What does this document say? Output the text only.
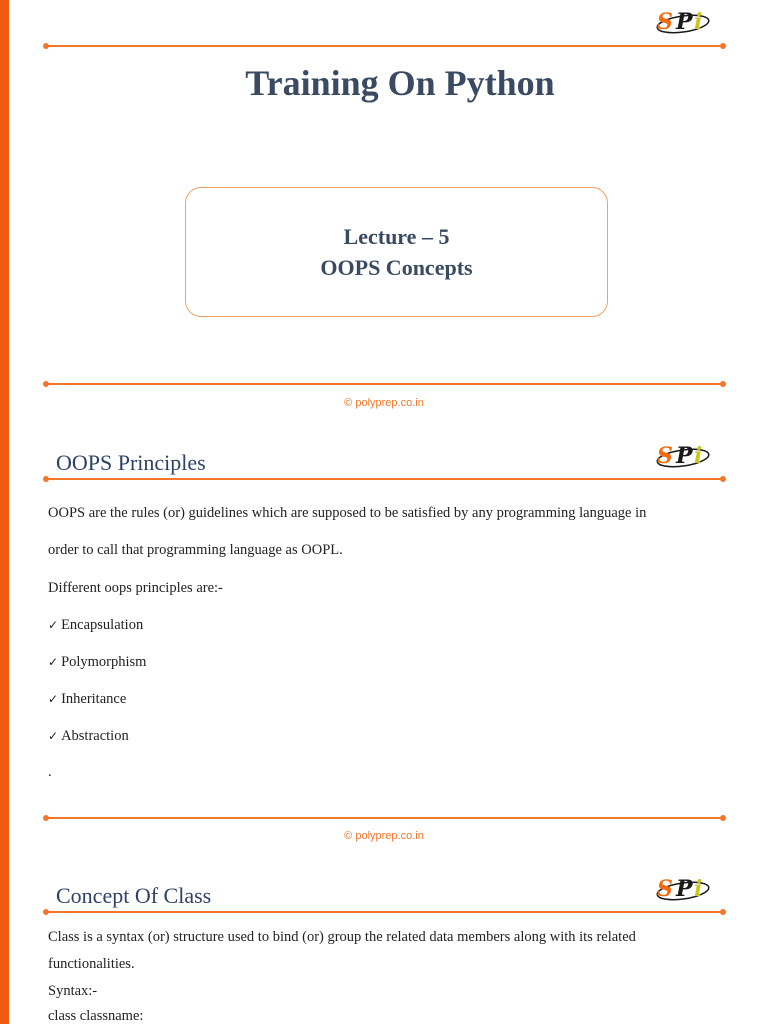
S P i
Training On Python
Lecture – 5
OOPS Concepts
© polyprep.co.in
OOPS Principles	S P i
OOPS are the rules (or) guidelines which are supposed to be satisfied by any programming language in
order to call that programming language as OOPL.
Different oops principles are:-
✓ Encapsulation
✓ Polymorphism
✓ Inheritance
✓ Abstraction
.
© polyprep.co.in
Concept Of Class	S P i
Class is a syntax (or) structure used to bind (or) group the related data members along with its related
functionalities.
Syntax:-
class classname:
